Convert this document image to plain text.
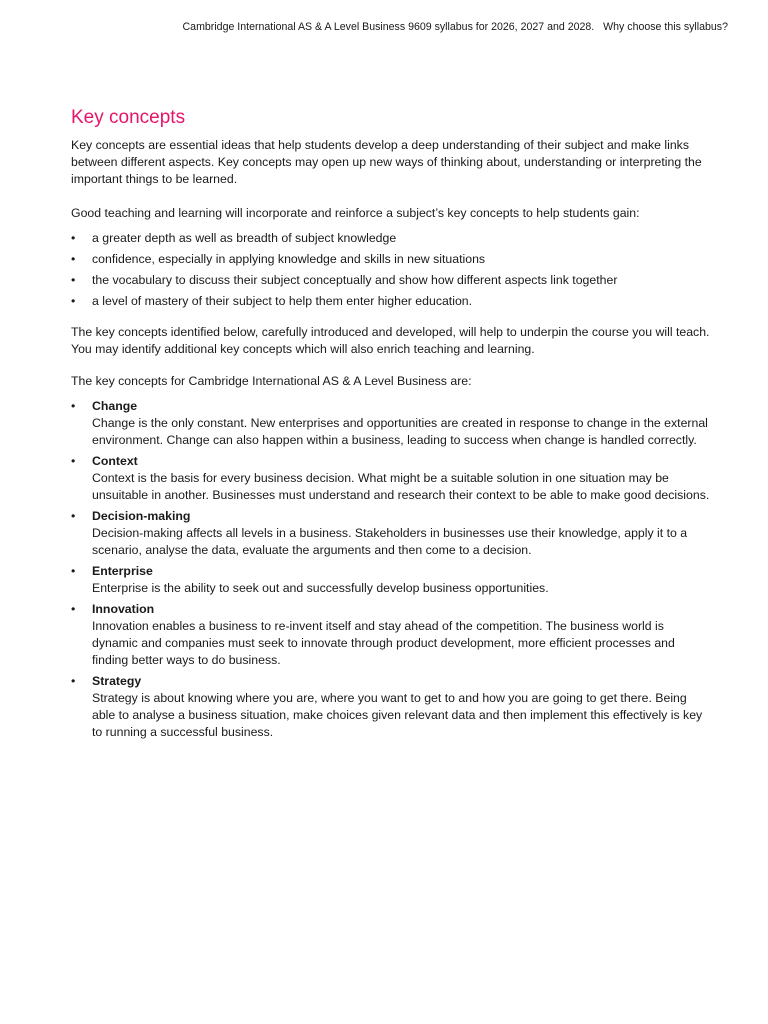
Cambridge International AS & A Level Business 9609 syllabus for 2026, 2027 and 2028. Why choose this syllabus?
Key concepts

Key concepts are essential ideas that help students develop a deep understanding of their subject and make links between different aspects. Key concepts may open up new ways of thinking about, understanding or interpreting the important things to be learned.

Good teaching and learning will incorporate and reinforce a subject’s key concepts to help students gain:

• a greater depth as well as breadth of subject knowledge
• confidence, especially in applying knowledge and skills in new situations
• the vocabulary to discuss their subject conceptually and show how different aspects link together
• a level of mastery of their subject to help them enter higher education.

The key concepts identified below, carefully introduced and developed, will help to underpin the course you will teach. You may identify additional key concepts which will also enrich teaching and learning.

The key concepts for Cambridge International AS & A Level Business are:

• Change
Change is the only constant. New enterprises and opportunities are created in response to change in the external environment. Change can also happen within a business, leading to success when change is handled correctly.
• Context
Context is the basis for every business decision. What might be a suitable solution in one situation may be unsuitable in another. Businesses must understand and research their context to be able to make good decisions.
• Decision-making
Decision-making affects all levels in a business. Stakeholders in businesses use their knowledge, apply it to a scenario, analyse the data, evaluate the arguments and then come to a decision.
• Enterprise
Enterprise is the ability to seek out and successfully develop business opportunities.
• Innovation
Innovation enables a business to re-invent itself and stay ahead of the competition. The business world is dynamic and companies must seek to innovate through product development, more efficient processes and finding better ways to do business.
• Strategy
Strategy is about knowing where you are, where you want to get to and how you are going to get there. Being able to analyse a business situation, make choices given relevant data and then implement this effectively is key to running a successful business.
